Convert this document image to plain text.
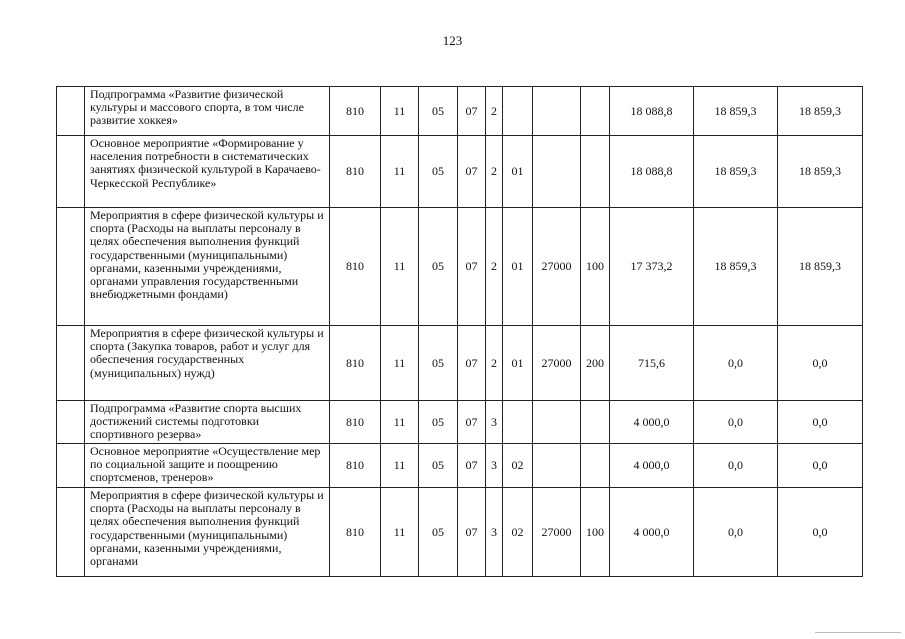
123
	Подпрограмма «Развитие физической культуры и массового спорта, в том числе развитие хоккея»	810	11	05	07	2				18 088,8	18 859,3	18 859,3
	Основное мероприятие «Формирование у населения потребности в систематических занятиях физической культурой в Карачаево-Черкесской Республике»	810	11	05	07	2	01			18 088,8	18 859,3	18 859,3
	Мероприятия в сфере физической культуры и спорта (Расходы на выплаты персоналу в целях обеспечения выполнения функций государственными (муниципальными) органами, казенными учреждениями, органами управления государственными внебюджетными фондами)	810	11	05	07	2	01	27000	100	17 373,2	18 859,3	18 859,3
	Мероприятия в сфере физической культуры и спорта (Закупка товаров, работ и услуг для обеспечения государственных (муниципальных) нужд)	810	11	05	07	2	01	27000	200	715,6	0,0	0,0
	Подпрограмма «Развитие спорта высших достижений системы подготовки спортивного резерва»	810	11	05	07	3				4 000,0	0,0	0,0
	Основное мероприятие «Осуществление мер по социальной защите и поощрению спортсменов, тренеров»	810	11	05	07	3	02			4 000,0	0,0	0,0
	Мероприятия в сфере физической культуры и спорта (Расходы на выплаты персоналу в целях обеспечения выполнения функций государственными (муниципальными) органами, казенными учреждениями, органами	810	11	05	07	3	02	27000	100	4 000,0	0,0	0,0
